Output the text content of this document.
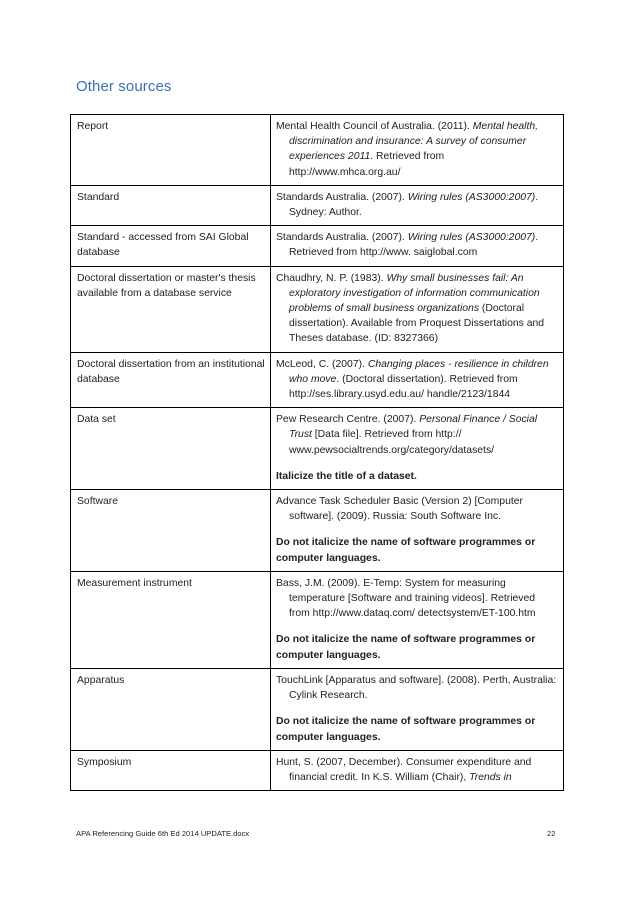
Other sources
Report	Mental Health Council of Australia. (2011). Mental health, discrimination and insurance: A survey of consumer experiences 2011. Retrieved from http://www.mhca.org.au/

Standard	Standards Australia. (2007). Wiring rules (AS3000:2007). Sydney: Author.

Standard - accessed from SAI Global database	Standards Australia. (2007). Wiring rules (AS3000:2007). Retrieved from http://www. saiglobal.com

Doctoral dissertation or master's thesis available from a database service	Chaudhry, N. P. (1983). Why small businesses fail: An exploratory investigation of information communication problems of small business organizations (Doctoral dissertation). Available from Proquest Dissertations and Theses database. (ID: 8327366)

Doctoral dissertation from an institutional database	McLeod, C. (2007). Changing places - resilience in children who move. (Doctoral dissertation). Retrieved from http://ses.library.usyd.edu.au/ handle/2123/1844

Data set	Pew Research Centre. (2007). Personal Finance / Social Trust [Data file]. Retrieved from http:// www.pewsocialtrends.org/category/datasets/
Italicize the title of a dataset.

Software	Advance Task Scheduler Basic (Version 2) [Computer software]. (2009). Russia: South Software Inc.
Do not italicize the name of software programmes or computer languages.

Measurement instrument	Bass, J.M. (2009). E-Temp: System for measuring temperature [Software and training videos]. Retrieved from http://www.dataq.com/ detectsystem/ET-100.htm
Do not italicize the name of software programmes or computer languages.

Apparatus	TouchLink [Apparatus and software]. (2008). Perth, Australia: Cylink Research.
Do not italicize the name of software programmes or computer languages.

Symposium	Hunt, S. (2007, December). Consumer expenditure and financial credit. In K.S. William (Chair), Trends in
APA Referencing Guide 6th Ed 2014 UPDATE.docx	22
